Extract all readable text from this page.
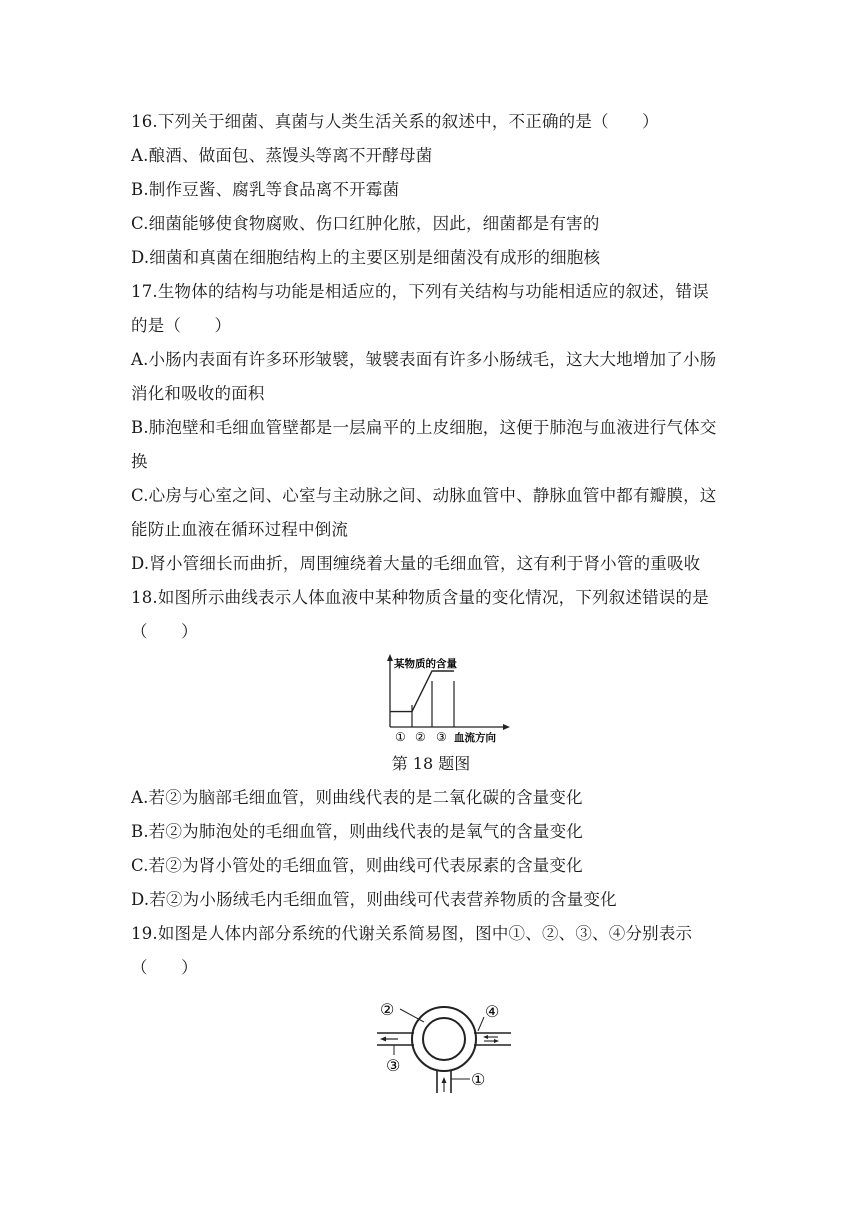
16.下列关于细菌、真菌与人类生活关系的叙述中，不正确的是（　　）
A.酿酒、做面包、蒸馒头等离不开酵母菌
B.制作豆酱、腐乳等食品离不开霉菌
C.细菌能够使食物腐败、伤口红肿化脓，因此，细菌都是有害的
D.细菌和真菌在细胞结构上的主要区别是细菌没有成形的细胞核
17.生物体的结构与功能是相适应的，下列有关结构与功能相适应的叙述，错误
的是（　　）
A.小肠内表面有许多环形皱襞，皱襞表面有许多小肠绒毛，这大大地增加了小肠
消化和吸收的面积
B.肺泡壁和毛细血管壁都是一层扁平的上皮细胞，这便于肺泡与血液进行气体交
换
C.心房与心室之间、心室与主动脉之间、动脉血管中、静脉血管中都有瓣膜，这
能防止血液在循环过程中倒流
D.肾小管细长而曲折，周围缠绕着大量的毛细血管，这有利于肾小管的重吸收
18.如图所示曲线表示人体血液中某种物质含量的变化情况，下列叙述错误的是
（　　）
某物质的含量
① ② ③ 血流方向
第 18 题图
A.若②为脑部毛细血管，则曲线代表的是二氧化碳的含量变化
B.若②为肺泡处的毛细血管，则曲线代表的是氧气的含量变化
C.若②为肾小管处的毛细血管，则曲线可代表尿素的含量变化
D.若②为小肠绒毛内毛细血管，则曲线可代表营养物质的含量变化
19.如图是人体内部分系统的代谢关系简易图，图中①、②、③、④分别表示
（　　）
②	④
③
①
